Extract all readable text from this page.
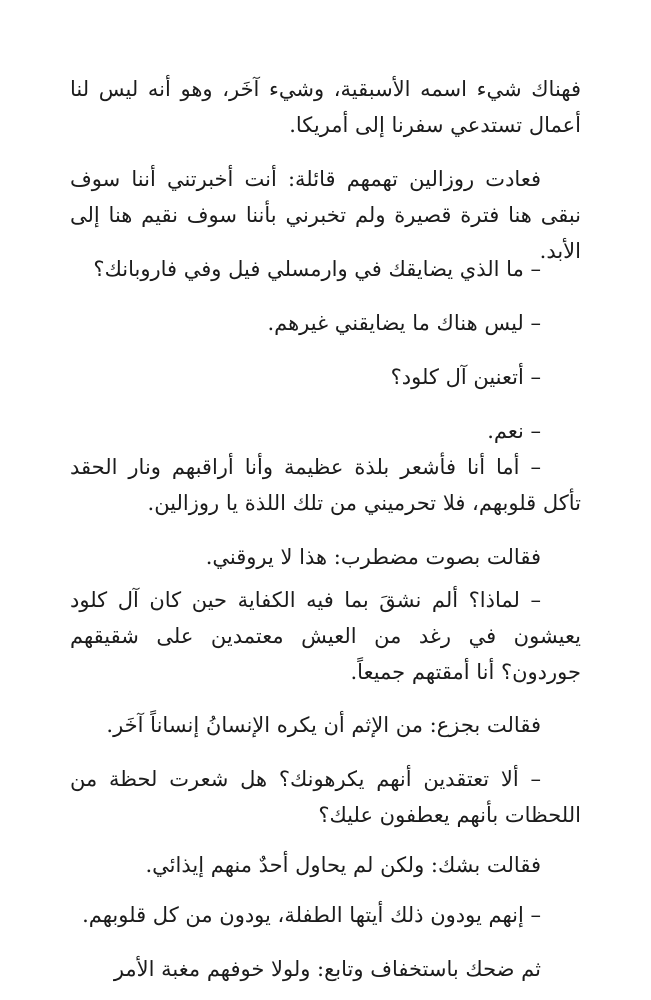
فهناك شيء اسمه الأسبقية، وشيء آخَر، وهو أنه ليس لنا أعمال تستدعي سفرنا إلى أمريكا.

فعادت روزالين تهمهم قائلة: أنت أخبرتني أننا سوف نبقى هنا فترة قصيرة ولم تخبرني بأننا سوف نقيم هنا إلى الأبد.

– ما الذي يضايقك في وارمسلي فيل وفي فاروبانك؟

– ليس هناك ما يضايقني غيرهم.

– أتعنين آل كلود؟

– نعم.

– أما أنا فأشعر بلذة عظيمة وأنا أراقبهم ونار الحقد تأكل قلوبهم، فلا تحرميني من تلك اللذة يا روزالين.

فقالت بصوت مضطرب: هذا لا يروقني.

– لماذا؟ ألم نشقَ بما فيه الكفاية حين كان آل كلود يعيشون في رغد من العيش معتمدين على شقيقهم جوردون؟ أنا أمقتهم جميعاً.

فقالت بجزع: من الإثم أن يكره الإنسانُ إنساناً آخَر.

– ألا تعتقدين أنهم يكرهونك؟ هل شعرت لحظة من اللحظات بأنهم يعطفون عليك؟

فقالت بشك: ولكن لم يحاول أحدٌ منهم إيذائي.

– إنهم يودون ذلك أيتها الطفلة، يودون من كل قلوبهم.

ثم ضحك باستخفاف وتابع: ولولا خوفهم مغبة الأمر
